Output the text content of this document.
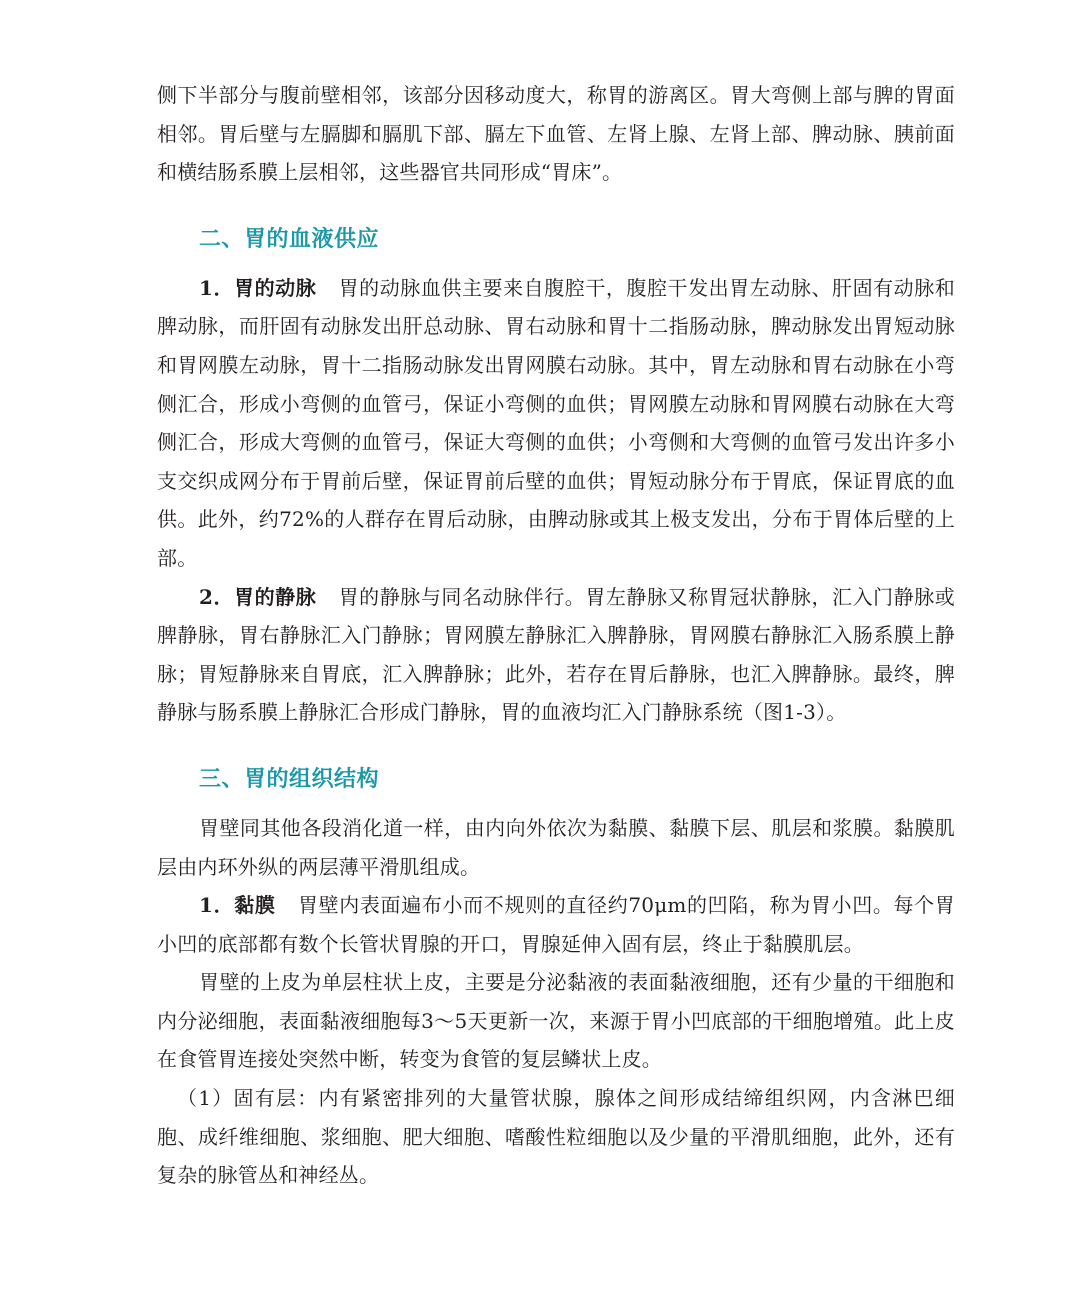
侧下半部分与腹前壁相邻，该部分因移动度大，称胃的游离区。胃大弯侧上部与脾的胃面相邻。胃后壁与左膈脚和膈肌下部、膈左下血管、左肾上腺、左肾上部、脾动脉、胰前面和横结肠系膜上层相邻，这些器官共同形成“胃床”。

二、胃的血液供应

1．胃的动脉 胃的动脉血供主要来自腹腔干，腹腔干发出胃左动脉、肝固有动脉和脾动脉，而肝固有动脉发出肝总动脉、胃右动脉和胃十二指肠动脉，脾动脉发出胃短动脉和胃网膜左动脉，胃十二指肠动脉发出胃网膜右动脉。其中，胃左动脉和胃右动脉在小弯侧汇合，形成小弯侧的血管弓，保证小弯侧的血供；胃网膜左动脉和胃网膜右动脉在大弯侧汇合，形成大弯侧的血管弓，保证大弯侧的血供；小弯侧和大弯侧的血管弓发出许多小支交织成网分布于胃前后壁，保证胃前后壁的血供；胃短动脉分布于胃底，保证胃底的血供。此外，约72%的人群存在胃后动脉，由脾动脉或其上极支发出，分布于胃体后壁的上部。

2．胃的静脉 胃的静脉与同名动脉伴行。胃左静脉又称胃冠状静脉，汇入门静脉或脾静脉，胃右静脉汇入门静脉；胃网膜左静脉汇入脾静脉，胃网膜右静脉汇入肠系膜上静脉；胃短静脉来自胃底，汇入脾静脉；此外，若存在胃后静脉，也汇入脾静脉。最终，脾静脉与肠系膜上静脉汇合形成门静脉，胃的血液均汇入门静脉系统（图1-3）。

三、胃的组织结构

胃壁同其他各段消化道一样，由内向外依次为黏膜、黏膜下层、肌层和浆膜。黏膜肌层由内环外纵的两层薄平滑肌组成。

1．黏膜 胃壁内表面遍布小而不规则的直径约70μm的凹陷，称为胃小凹。每个胃小凹的底部都有数个长管状胃腺的开口，胃腺延伸入固有层，终止于黏膜肌层。

胃壁的上皮为单层柱状上皮，主要是分泌黏液的表面黏液细胞，还有少量的干细胞和内分泌细胞，表面黏液细胞每3～5天更新一次，来源于胃小凹底部的干细胞增殖。此上皮在食管胃连接处突然中断，转变为食管的复层鳞状上皮。

（1）固有层：内有紧密排列的大量管状腺，腺体之间形成结缔组织网，内含淋巴细胞、成纤维细胞、浆细胞、肥大细胞、嗜酸性粒细胞以及少量的平滑肌细胞，此外，还有复杂的脉管丛和神经丛。
